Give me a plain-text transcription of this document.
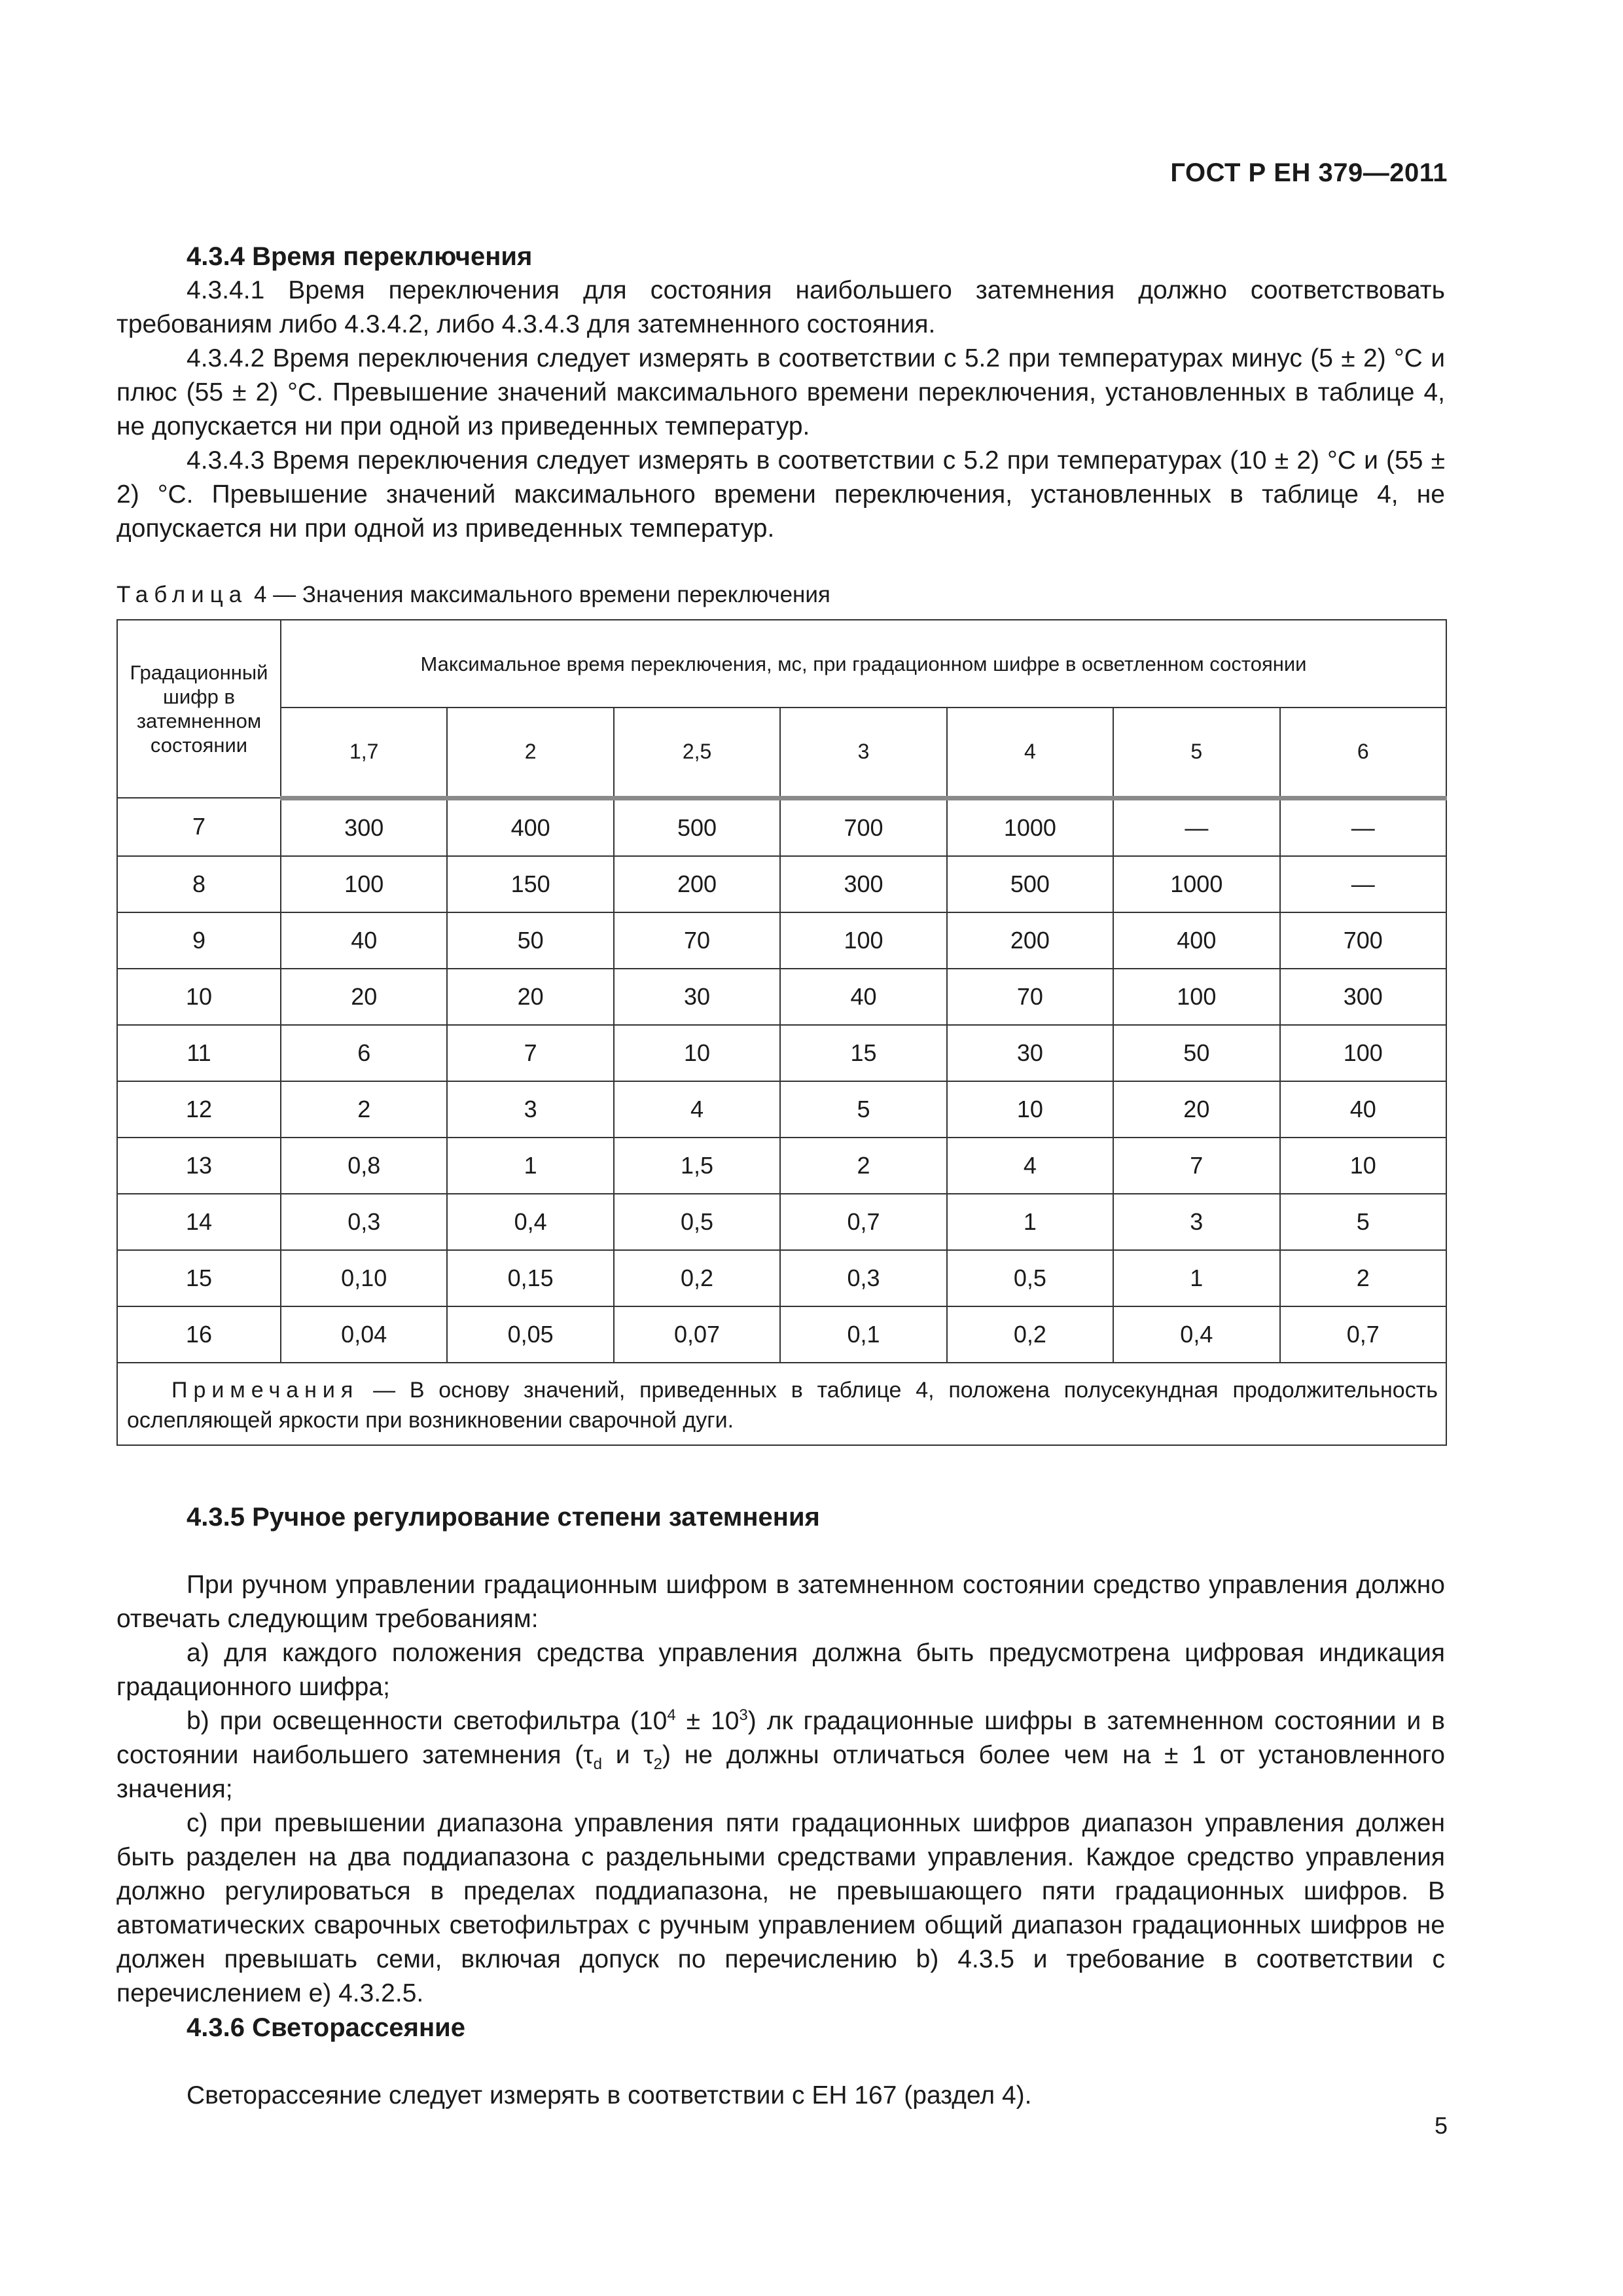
ГОСТ Р ЕН 379—2011

4.3.4 Время переключения

4.3.4.1 Время переключения для состояния наибольшего затемнения должно соответствовать требованиям либо 4.3.4.2, либо 4.3.4.3 для затемненного состояния.

4.3.4.2 Время переключения следует измерять в соответствии с 5.2 при температурах минус (5 ± 2) °С и плюс (55 ± 2) °С. Превышение значений максимального времени переключения, установленных в таблице 4, не допускается ни при одной из приведенных температур.

4.3.4.3 Время переключения следует измерять в соответствии с 5.2 при температурах (10 ± 2) °С и (55 ± 2) °С. Превышение значений максимального времени переключения, установленных в таблице 4, не допускается ни при одной из приведенных температур.

Таблица 4 — Значения максимального времени переключения
Градационный шифр в затемненном состоянии	Максимальное время переключения, мс, при градационном шифре в осветленном состоянии						
	1,7	2	2,5	3	4	5	6
7	300	400	500	700	1000	—	—
8	100	150	200	300	500	1000	—
9	40	50	70	100	200	400	700
10	20	20	30	40	70	100	300
11	6	7	10	15	30	50	100
12	2	3	4	5	10	20	40
13	0,8	1	1,5	2	4	7	10
14	0,3	0,4	0,5	0,7	1	3	5
15	0,10	0,15	0,2	0,3	0,5	1	2
16	0,04	0,05	0,07	0,1	0,2	0,4	0,7

Примечания — В основу значений, приведенных в таблице 4, положена полусекундная продолжительность ослепляющей яркости при возникновении сварочной дуги.							

4.3.5 Ручное регулирование степени затемнения

При ручном управлении градационным шифром в затемненном состоянии средство управления должно отвечать следующим требованиям:

a) для каждого положения средства управления должна быть предусмотрена цифровая индикация градационного шифра;

b) при освещенности светофильтра $(10^4 \pm 10^3)$ лк градационные шифры в затемненном состоянии и в состоянии наибольшего затемнения ($\tau_d$ и $\tau_2$) не должны отличаться более чем на ± 1 от установленного значения;

c) при превышении диапазона управления пяти градационных шифров диапазон управления должен быть разделен на два поддиапазона с раздельными средствами управления. Каждое средство управления должно регулироваться в пределах поддиапазона, не превышающего пяти градационных шифров. В автоматических сварочных светофильтрах с ручным управлением общий диапазон градационных шифров не должен превышать семи, включая допуск по перечислению b) 4.3.5 и требование в соответствии с перечислением e) 4.3.2.5.

4.3.6 Светорассеяние

Светорассеяние следует измерять в соответствии с ЕН 167 (раздел 4).

5
